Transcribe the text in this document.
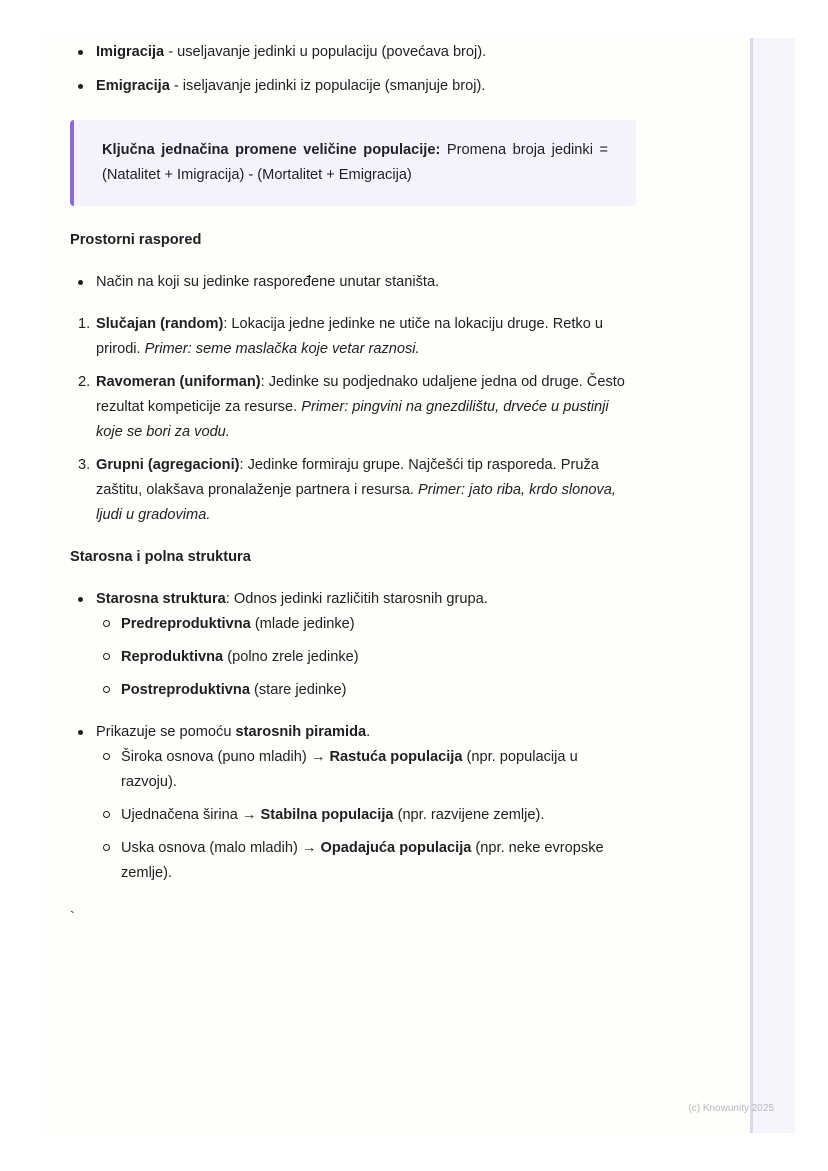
Imigracija - useljavanje jedinki u populaciju (povećava broj).
Emigracija - iseljavanje jedinki iz populacije (smanjuje broj).
Ključna jednačina promene veličine populacije: Promena broja jedinki = (Natalitet + Imigracija) - (Mortalitet + Emigracija)
Prostorni raspored
Način na koji su jedinke raspoređene unutar staništa.
1. Slučajan (random): Lokacija jedne jedinke ne utiče na lokaciju druge. Retko u prirodi. Primer: seme maslačka koje vetar raznosi.
2. Ravomeran (uniforman): Jedinke su podjednako udaljene jedna od druge. Često rezultat kompeticije za resurse. Primer: pingvini na gnezdilištu, drveće u pustinji koje se bori za vodu.
3. Grupni (agregacioni): Jedinke formiraju grupe. Najčešći tip rasporeda. Pruža zaštitu, olakšava pronalaženje partnera i resursa. Primer: jato riba, krdo slonova, ljudi u gradovima.
Starosna i polna struktura
Starosna struktura: Odnos jedinki različitih starosnih grupa.
Predreproduktivna (mlade jedinke)
Reproduktivna (polno zrele jedinke)
Postreproduktivna (stare jedinke)
Prikazuje se pomoću starosnih piramida.
Široka osnova (puno mladih) → Rastuća populacija (npr. populacija u razvoju).
Ujednačena širina → Stabilna populacija (npr. razvijene zemlje).
Uska osnova (malo mladih) → Opadajuća populacija (npr. neke evropske zemlje).
`
(c) Knowunity 2025
